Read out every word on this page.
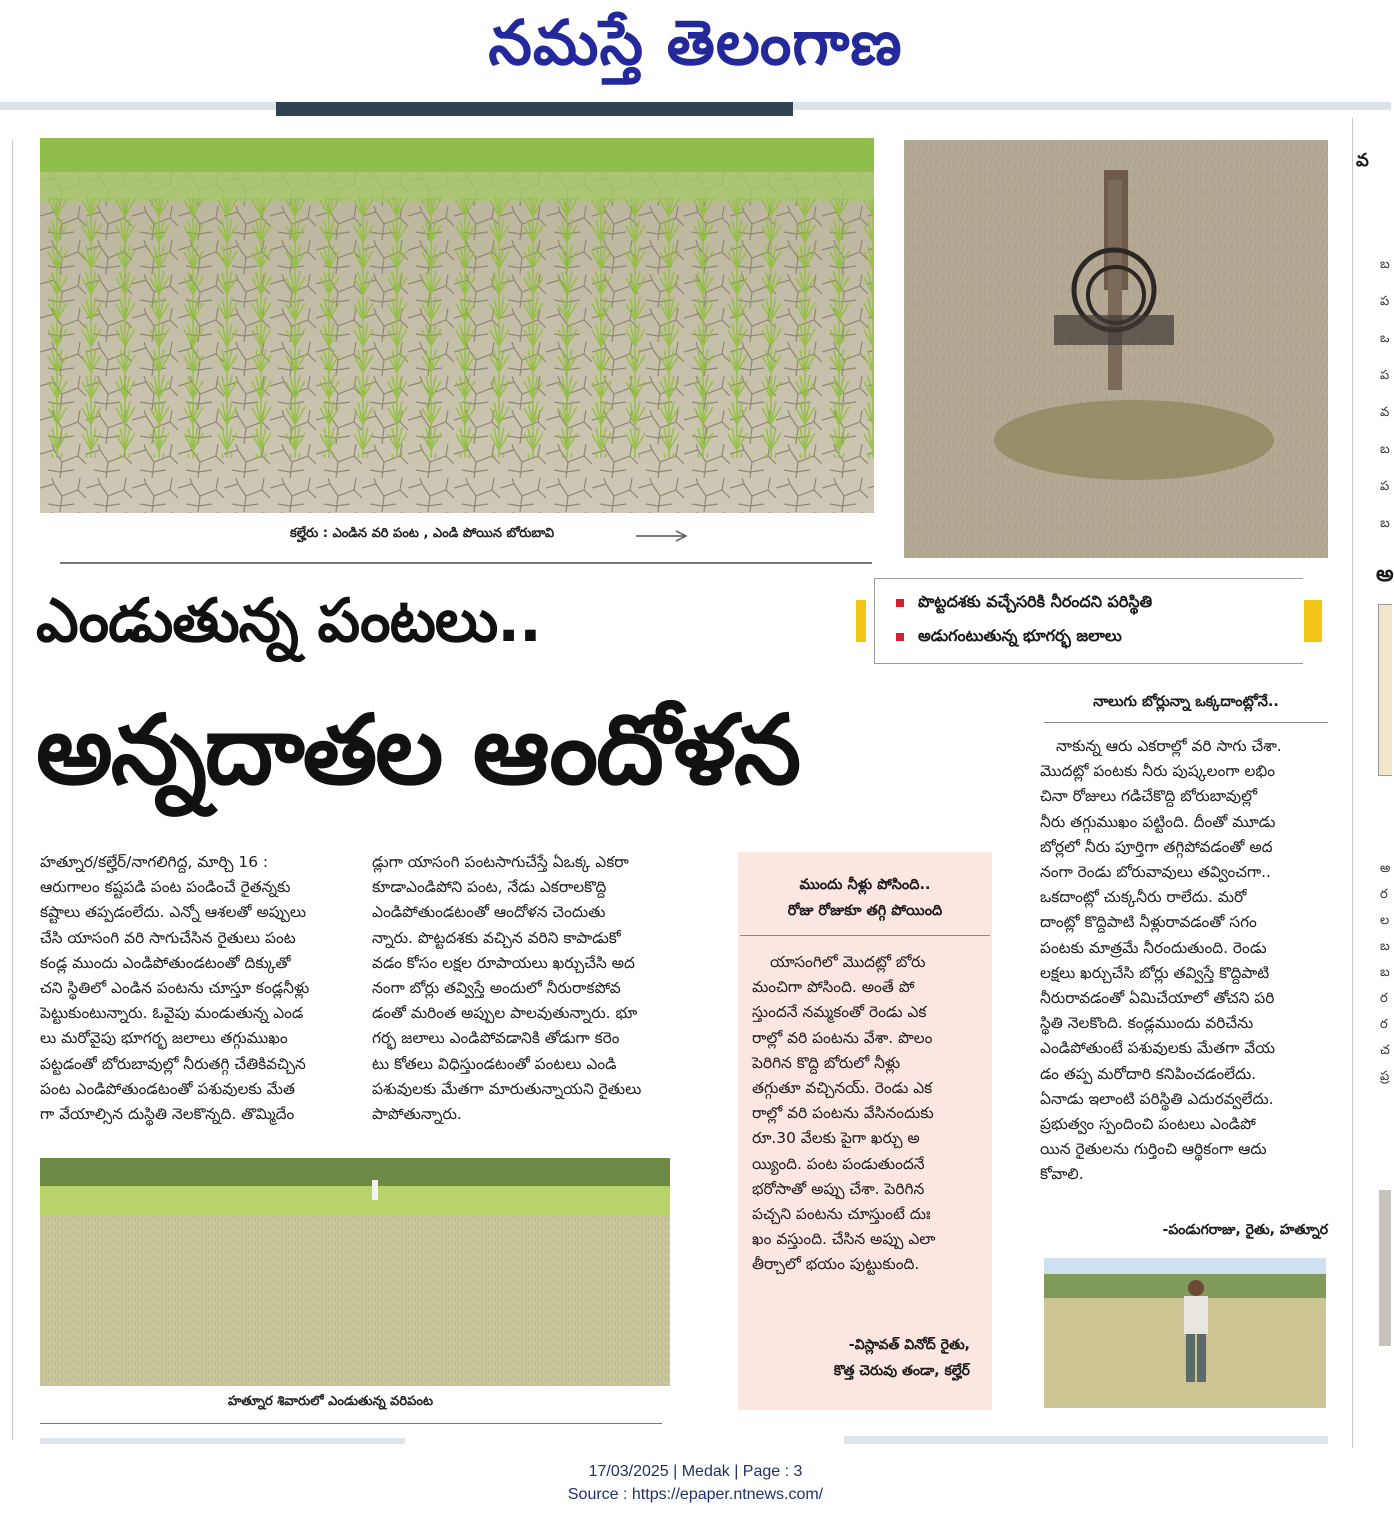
నమస్తే తెలంగాణ
కల్హేరు : ఎండిన వరి పంట , ఎండి పోయిన బోరుబావి
పొట్టదశకు వచ్చేసరికి నీరందని పరిస్థితి
అడుగంటుతున్న భూగర్భ జలాలు
ఎండుతున్న పంటలు..
అన్నదాతల ఆందోళన
హత్నూర/కల్హేర్/నాగలిగిద్ద, మార్చి 16 :
ఆరుగాలం కష్టపడి పంట పండించే రైతన్నకు
కష్టాలు తప్పడంలేదు. ఎన్నో ఆశలతో అప్పులు
చేసి యాసంగి వరి సాగుచేసిన రైతులు పంట
కండ్ల ముందు ఎండిపోతుండటంతో దిక్కుతో
చని స్థితిలో ఎండిన పంటను చూస్తూ కండ్లనీళ్లు
పెట్టుకుంటున్నారు. ఓవైపు మండుతున్న ఎండ
లు మరోవైపు భూగర్భ జలాలు తగ్గుముఖం
పట్టడంతో బోరుబావుల్లో నీరుతగ్గి చేతికివచ్చిన
పంట ఎండిపోతుండటంతో పశువులకు మేత
గా వేయాల్సిన దుస్థితి నెలకొన్నది. తొమ్మిదేం
డ్లుగా యాసంగి పంటసాగుచేస్తే ఏఒక్క ఎకరా
కూడాఎండిపోని పంట, నేడు ఎకరాలకొద్ది
ఎండిపోతుండటంతో ఆందోళన చెందుతు
న్నారు. పొట్టదశకు వచ్చిన వరిని కాపాడుకో
వడం కోసం లక్షల రూపాయలు ఖర్చుచేసి అద
నంగా బోర్లు తవ్విస్తే అందులో నీరురాకపోవ
డంతో మరింత అప్పుల పాలవుతున్నారు. భూ
గర్భ జలాలు ఎండిపోవడానికి తోడుగా కరెం
టు కోతలు విధిస్తుండటంతో పంటలు ఎండి
పశువులకు మేతగా మారుతున్నాయని రైతులు
పాపోతున్నారు.
హత్నూర శివారులో ఎండుతున్న వరిపంట
ముందు నీళ్లు పోసింది..
రోజు రోజుకూ తగ్గి పోయింది
యాసంగిలో మొదట్లో బోరు
మంచిగా పోసింది. అంతే పో
స్తుందనే నమ్మకంతో రెండు ఎక
రాల్లో వరి పంటను వేశా. పొలం
పెరిగిన కొద్ది బోరులో నీళ్లు
తగ్గుతూ వచ్చినయ్. రెండు ఎక
రాల్లో వరి పంటను వేసినందుకు
రూ.30 వేలకు పైగా ఖర్చు అ
య్యింది. పంట పండుతుందనే
భరోసాతో అప్పు చేశా. పెరిగిన
పచ్చని పంటను చూస్తుంటే దుః
ఖం వస్తుంది. చేసిన అప్పు ఎలా
తీర్చాలో భయం పుట్టుకుంది.
-విస్లావత్ వినోద్ రైతు,
కొత్త చెరువు తండా, కల్హేర్
నాలుగు బోర్లున్నా ఒక్కదాంట్లోనే..
నాకున్న ఆరు ఎకరాల్లో వరి సాగు చేశా.
మొదట్లో పంటకు నీరు పుష్కలంగా లభిం
చినా రోజులు గడిచేకొద్ది బోరుబావుల్లో
నీరు తగ్గుముఖం పట్టింది. దీంతో మూడు
బోర్లలో నీరు పూర్తిగా తగ్గిపోవడంతో అద
నంగా రెండు బోరువావులు తవ్వించగా..
ఒకదాంట్లో చుక్కనీరు రాలేదు. మరో
దాంట్లో కొద్దిపాటి నీళ్లురావడంతో సగం
పంటకు మాత్రమే నీరందుతుంది. రెండు
లక్షలు ఖర్చుచేసి బోర్లు తవ్విస్తే కొద్దిపాటి
నీరురావడంతో ఏమిచేయాలో తోచని పరి
స్థితి నెలకొంది. కండ్లముందు వరిచేను
ఎండిపోతుంటే పశువులకు మేతగా వేయ
డం తప్ప మరోదారి కనిపించడంలేదు.
ఏనాడు ఇలాంటి పరిస్థితి ఎదురవ్వలేదు.
ప్రభుత్వం స్పందించి పంటలు ఎండిపో
యిన రైతులను గుర్తించి ఆర్థికంగా ఆదు
కోవాలి.
-పండుగరాజు, రైతు, హత్నూర
వ
బ
ప
ఒ
ప
వ
బ
ప
బ
అ
అ
ర
ల
బ
బ
ర
ర
చ
ప్ర
17/03/2025 | Medak | Page : 3
Source : https://epaper.ntnews.com/
